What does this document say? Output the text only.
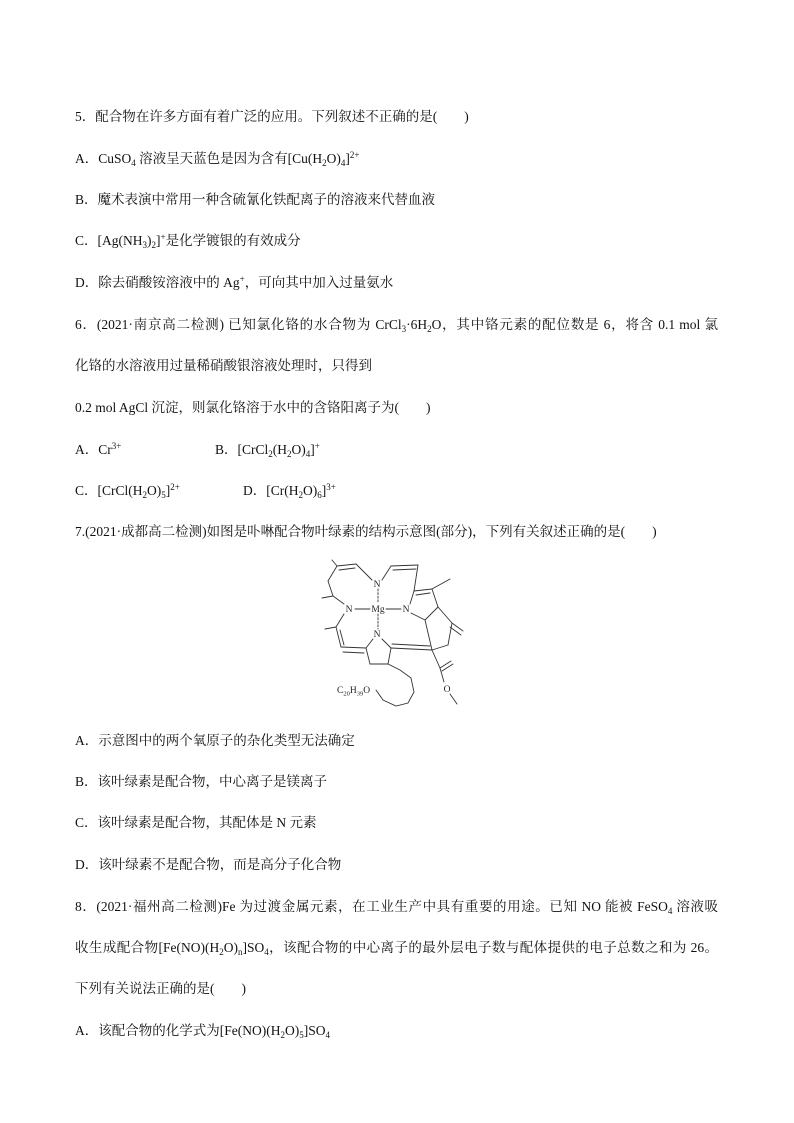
5．配合物在许多方面有着广泛的应用。下列叙述不正确的是(　　)
A．CuSO$_4$ 溶液呈天蓝色是因为含有$[Cu(H_2O)_4]^{2+}$
B．魔术表演中常用一种含硫氰化铁配离子的溶液来代替血液
C．$[Ag(NH_3)_2]^+$是化学镀银的有效成分
D．除去硝酸铵溶液中的 Ag+，可向其中加入过量氨水
6．(2021·南京高二检测) 已知氯化铬的水合物为 $CrCl_3\cdot 6H_2O$，其中铬元素的配位数是 6，将含 0.1 mol 氯
化铬的水溶液用过量稀硝酸银溶液处理时，只得到
0.2 mol AgCl 沉淀，则氯化铬溶于水中的含铬阳离子为(　　)
A．$Cr^{3+}$	B．$[CrCl_2(H_2O)_4]^+$
C．$[CrCl(H_2O)_5]^{2+}$	D．$[Cr(H_2O)_6]^{3+}$
7.(2021·成都高二检测)如图是卟啉配合物叶绿素的结构示意图(部分)，下列有关叙述正确的是(　　)
N
Mg
N	N
N
O
$C_{20}H_{39}O$
A．示意图中的两个氧原子的杂化类型无法确定
B．该叶绿素是配合物，中心离子是镁离子
C．该叶绿素是配合物，其配体是 N 元素
D．该叶绿素不是配合物，而是高分子化合物
8．(2021·福州高二检测)Fe 为过渡金属元素，在工业生产中具有重要的用途。已知 NO 能被 FeSO$_4$ 溶液吸
收生成配合物$[Fe(NO)(H_2O)_n]SO_4$，该配合物的中心离子的最外层电子数与配体提供的电子总数之和为 26。
下列有关说法正确的是(　　)
A．该配合物的化学式为$[Fe(NO)(H_2O)_5]SO_4$
